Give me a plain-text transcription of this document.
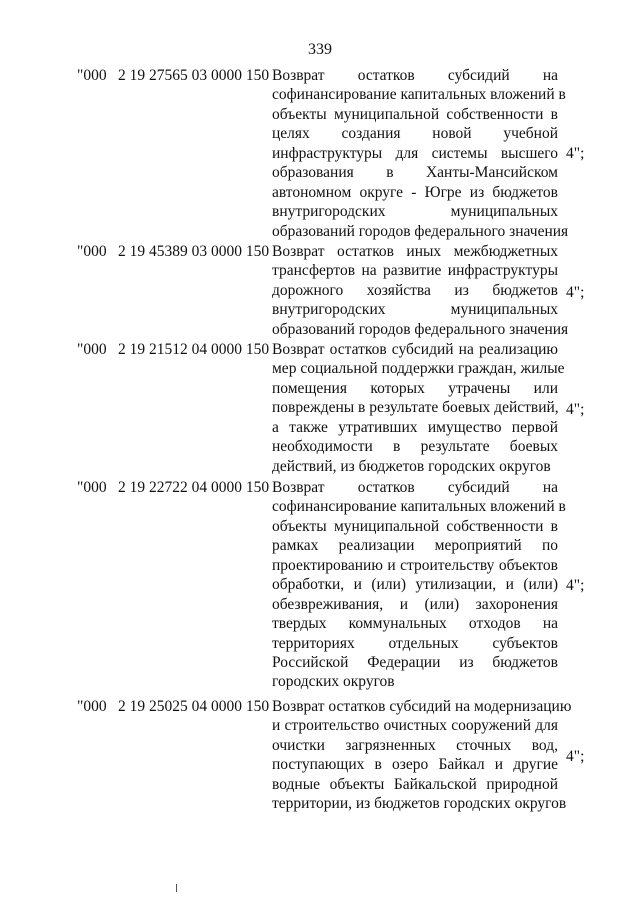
339
"000 2 19 27565 03 0000 150 Возврат остатков субсидий на
софинансирование капитальных вложений в
объекты муниципальной собственности в
целях создания новой учебной
инфраструктуры для системы высшего
образования в Ханты-Мансийском
автономном округе - Югре из бюджетов
внутригородских муниципальных
образований городов федерального значения
4";
"000 2 19 45389 03 0000 150 Возврат остатков иных межбюджетных
трансфертов на развитие инфраструктуры
дорожного хозяйства из бюджетов
внутригородских муниципальных
образований городов федерального значения
4";
"000 2 19 21512 04 0000 150 Возврат остатков субсидий на реализацию
мер социальной поддержки граждан, жилые
помещения которых утрачены или
повреждены в результате боевых действий,
а также утративших имущество первой
необходимости в результате боевых
действий, из бюджетов городских округов
4";
"000 2 19 22722 04 0000 150 Возврат остатков субсидий на
софинансирование капитальных вложений в
объекты муниципальной собственности в
рамках реализации мероприятий по
проектированию и строительству объектов
обработки, и (или) утилизации, и (или)
обезвреживания, и (или) захоронения
твердых коммунальных отходов на
территориях отдельных субъектов
Российской Федерации из бюджетов
городских округов
4";
"000 2 19 25025 04 0000 150 Возврат остатков субсидий на модернизацию
и строительство очистных сооружений для
очистки загрязненных сточных вод,
поступающих в озеро Байкал и другие
водные объекты Байкальской природной
территории, из бюджетов городских округов
4";
